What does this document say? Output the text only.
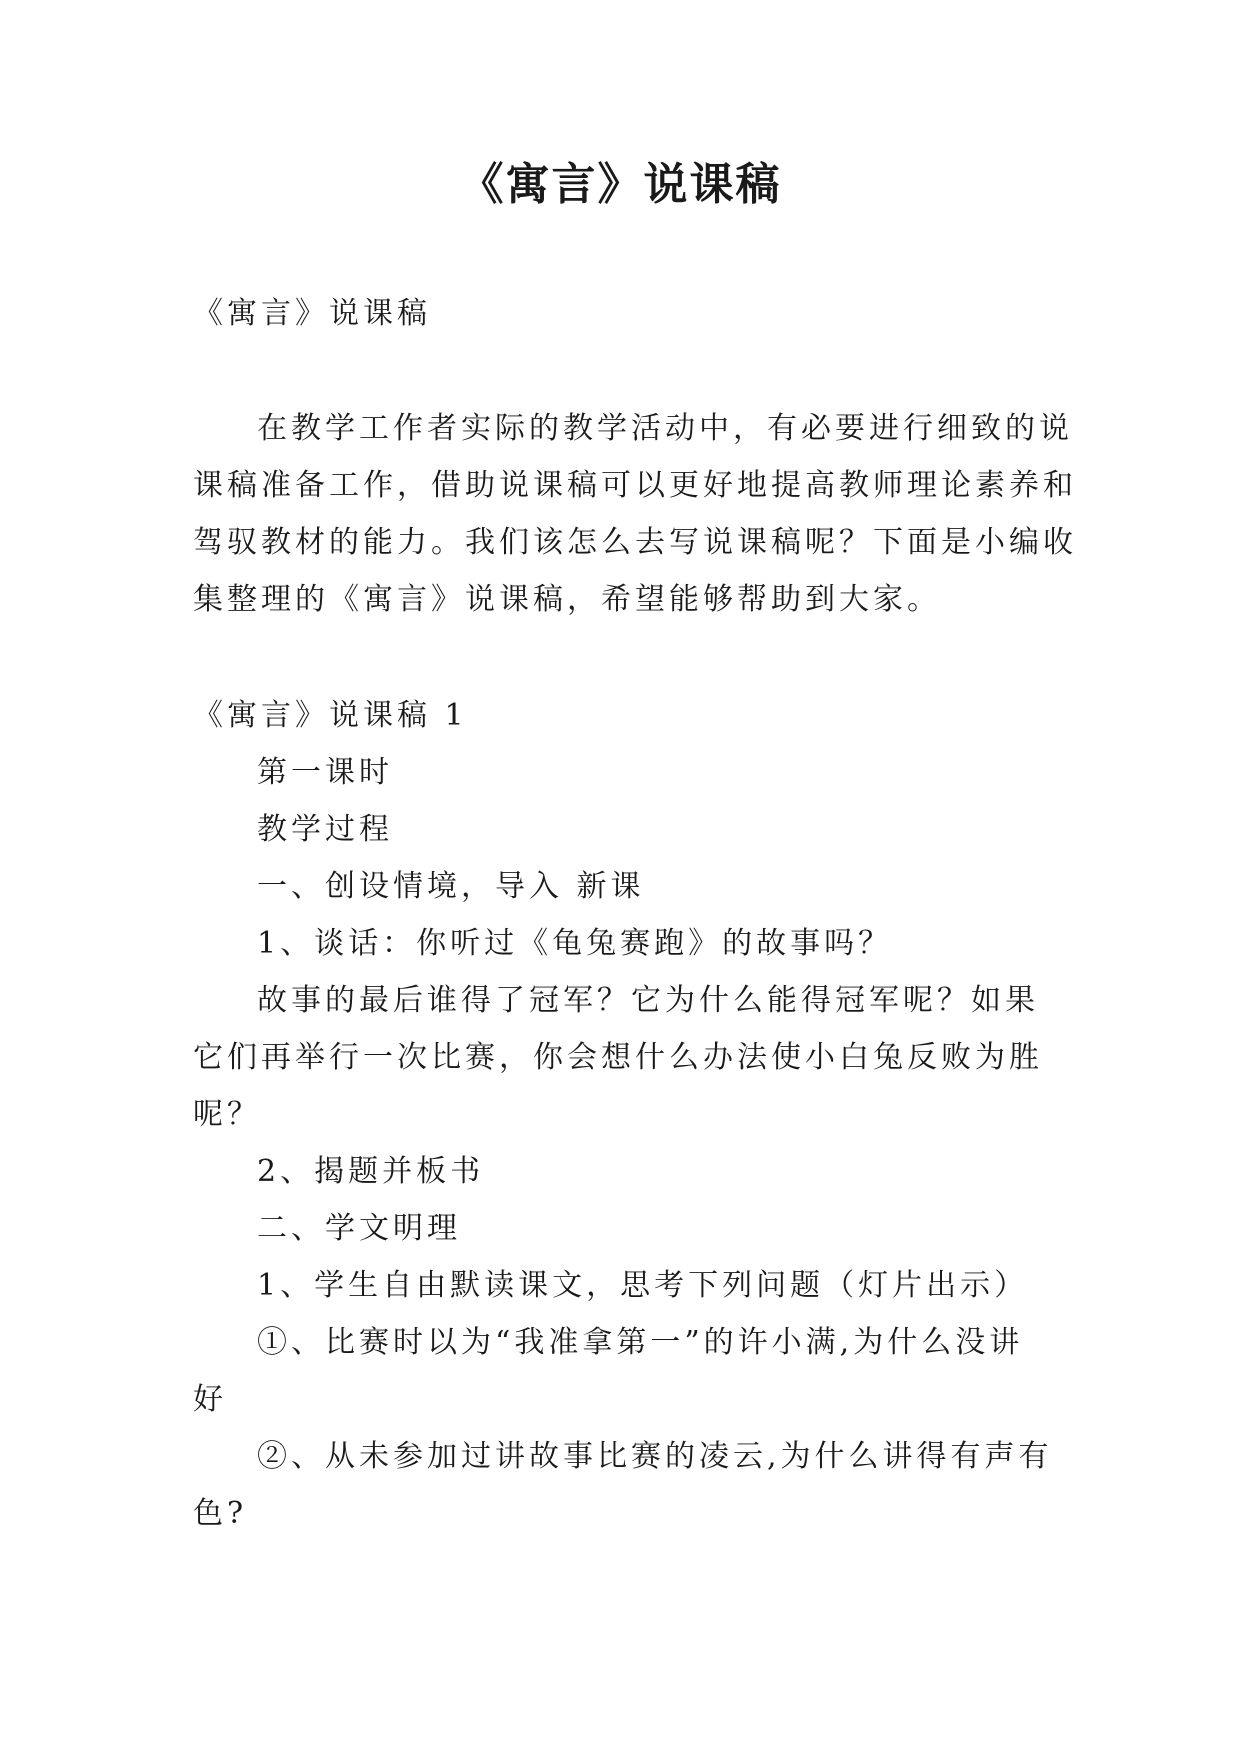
《寓言》说课稿
《寓言》说课稿
在教学工作者实际的教学活动中，有必要进行细致的说
课稿准备工作，借助说课稿可以更好地提高教师理论素养和
驾驭教材的能力。我们该怎么去写说课稿呢？下面是小编收
集整理的《寓言》说课稿，希望能够帮助到大家。
《寓言》说课稿 1
第一课时
教学过程
一、创设情境，导入 新课
1、谈话：你听过《龟兔赛跑》的故事吗？
故事的最后谁得了冠军？它为什么能得冠军呢？如果
它们再举行一次比赛，你会想什么办法使小白兔反败为胜
呢？
2、揭题并板书
二、学文明理
1、学生自由默读课文，思考下列问题（灯片出示）
①、比赛时以为“我准拿第一”的许小满,为什么没讲
好
②、从未参加过讲故事比赛的凌云,为什么讲得有声有
色?
